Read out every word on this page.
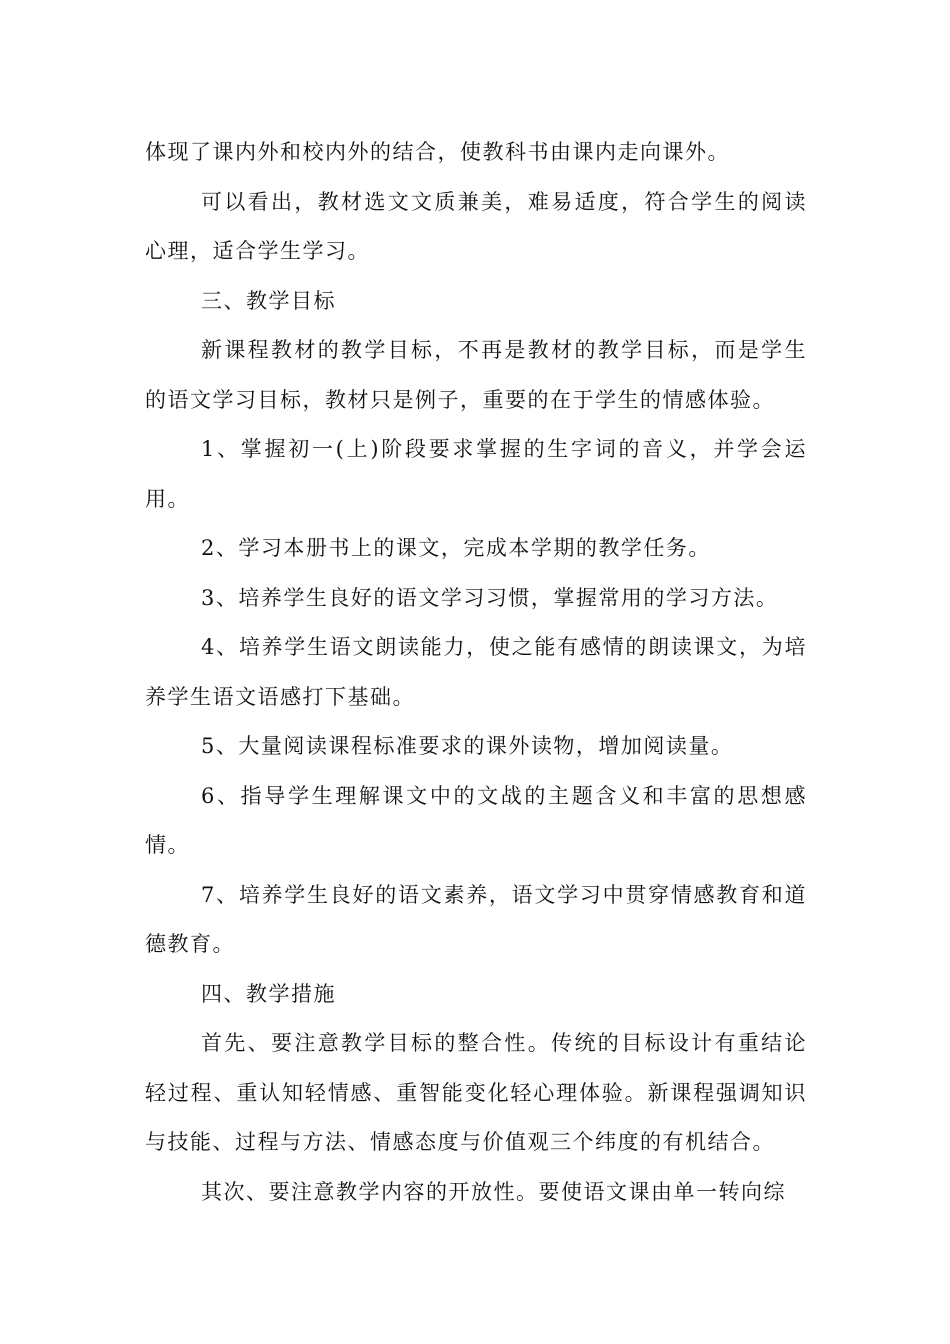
体现了课内外和校内外的结合，使教科书由课内走向课外。

可以看出，教材选文文质兼美，难易适度，符合学生的阅读心理，适合学生学习。

三、教学目标

新课程教材的教学目标，不再是教材的教学目标，而是学生的语文学习目标，教材只是例子，重要的在于学生的情感体验。

1、掌握初一(上)阶段要求掌握的生字词的音义，并学会运用。

2、学习本册书上的课文，完成本学期的教学任务。

3、培养学生良好的语文学习习惯，掌握常用的学习方法。

4、培养学生语文朗读能力，使之能有感情的朗读课文，为培养学生语文语感打下基础。

5、大量阅读课程标准要求的课外读物，增加阅读量。

6、指导学生理解课文中的文战的主题含义和丰富的思想感情。

7、培养学生良好的语文素养，语文学习中贯穿情感教育和道德教育。

四、教学措施

首先、要注意教学目标的整合性。传统的目标设计有重结论轻过程、重认知轻情感、重智能变化轻心理体验。新课程强调知识与技能、过程与方法、情感态度与价值观三个纬度的有机结合。

其次、要注意教学内容的开放性。要使语文课由单一转向综
